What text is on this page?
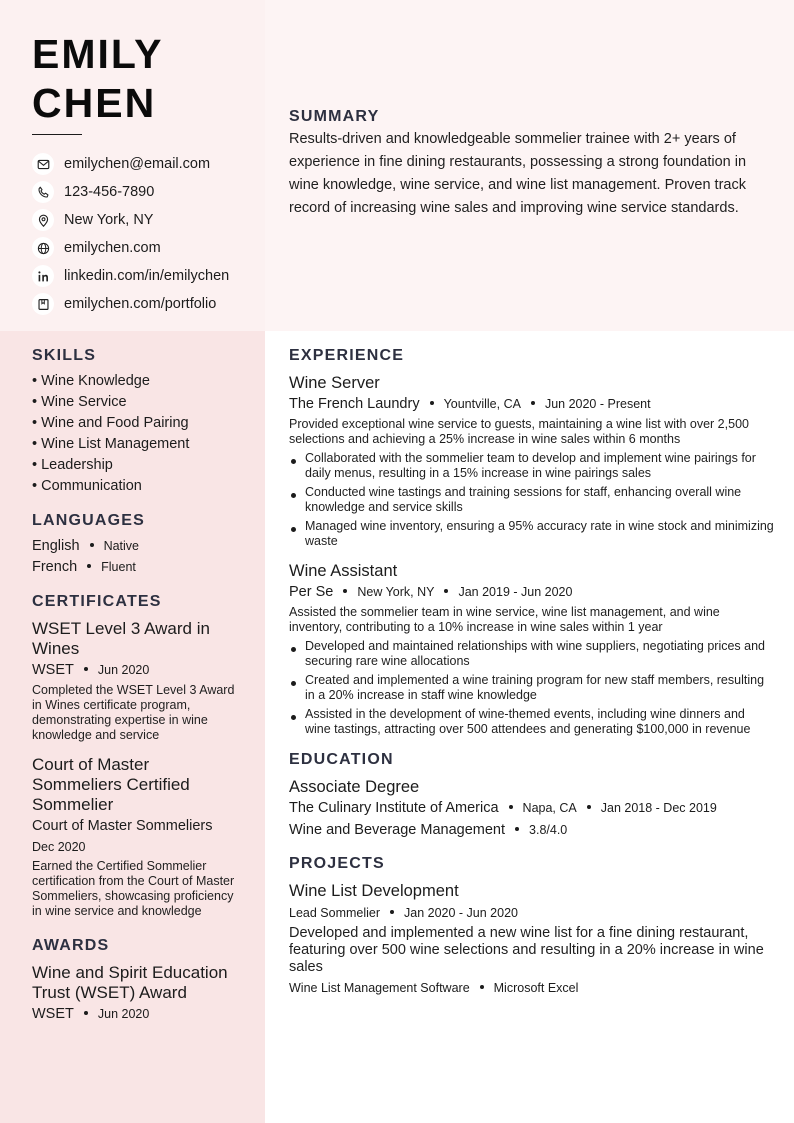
EMILY
CHEN
emilychen@email.com
123-456-7890
New York, NY
emilychen.com
linkedin.com/in/emilychen
emilychen.com/portfolio
SUMMARY

Results-driven and knowledgeable sommelier trainee with 2+ years of experience in fine dining restaurants, possessing a strong foundation in wine knowledge, wine service, and wine list management. Proven track record of increasing wine sales and improving wine service standards.

SKILLS
• Wine Knowledge
• Wine Service
• Wine and Food Pairing
• Wine List Management
• Leadership
• Communication
LANGUAGES
English Native
French Fluent
CERTIFICATES
WSET Level 3 Award in Wines
WSET Jun 2020
Completed the WSET Level 3 Award in Wines certificate program, demonstrating expertise in wine knowledge and service
Court of Master Sommeliers Certified Sommelier
Court of Master Sommeliers
Dec 2020
Earned the Certified Sommelier certification from the Court of Master Sommeliers, showcasing proficiency in wine service and knowledge
AWARDS
Wine and Spirit Education Trust (WSET) Award
WSET Jun 2020
EXPERIENCE
Wine Server
The French Laundry Yountville, CA Jun 2020 - Present
Provided exceptional wine service to guests, maintaining a wine list with over 2,500 selections and achieving a 25% increase in wine sales within 6 months
Collaborated with the sommelier team to develop and implement wine pairings for daily menus, resulting in a 15% increase in wine pairings sales
Conducted wine tastings and training sessions for staff, enhancing overall wine knowledge and service skills
Managed wine inventory, ensuring a 95% accuracy rate in wine stock and minimizing waste
Wine Assistant
Per Se New York, NY Jan 2019 - Jun 2020
Assisted the sommelier team in wine service, wine list management, and wine inventory, contributing to a 10% increase in wine sales within 1 year
Developed and maintained relationships with wine suppliers, negotiating prices and securing rare wine allocations
Created and implemented a wine training program for new staff members, resulting in a 20% increase in staff wine knowledge
Assisted in the development of wine-themed events, including wine dinners and wine tastings, attracting over 500 attendees and generating $100,000 in revenue
EDUCATION
Associate Degree
The Culinary Institute of America Napa, CA Jan 2018 - Dec 2019
Wine and Beverage Management 3.8/4.0
PROJECTS
Wine List Development
Lead Sommelier Jan 2020 - Jun 2020
Developed and implemented a new wine list for a fine dining restaurant, featuring over 500 wine selections and resulting in a 20% increase in wine sales
Wine List Management Software Microsoft Excel
